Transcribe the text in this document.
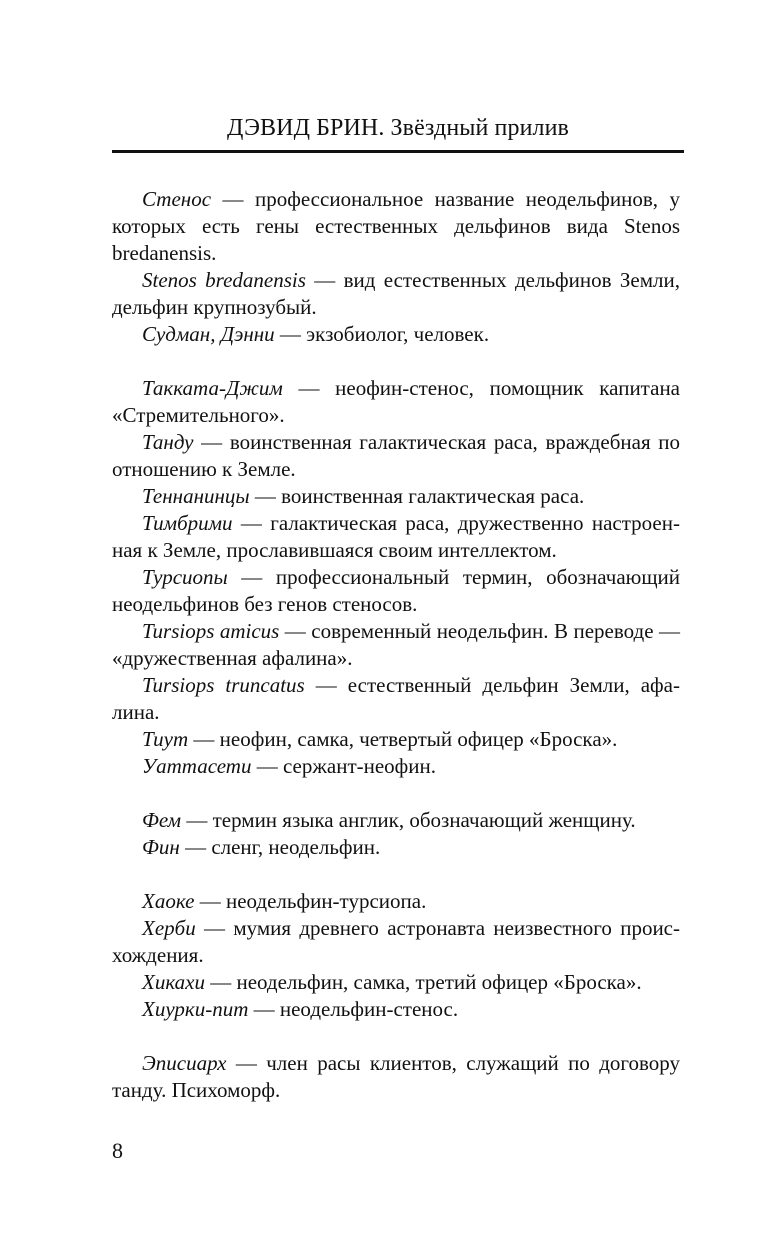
ДЭВИД БРИН. Звёздный прилив

Стенос — профессиональное название неодельфинов, у которых есть гены естественных дельфинов вида Stenos bredanensis.

Stenos bredanensis — вид естественных дельфинов Земли, дельфин крупнозубый.

Судман, Дэнни — экзобиолог, человек.

Такката-Джим — неофин-стенос, помощник капитана «Стремительного».

Танду — воинственная галактическая раса, враждебная по отношению к Земле.

Теннанинцы — воинственная галактическая раса.

Тимбрими — галактическая раса, дружественно настроенная к Земле, прославившаяся своим интеллектом.

Турсиопы — профессиональный термин, обозначающий неодельфинов без генов стеносов.

Tursiops amicus — современный неодельфин. В переводе — «дружественная афалина».

Tursiops truncatus — естественный дельфин Земли, афалина.

Тиут — неофин, самка, четвертый офицер «Броска».

Уаттасети — сержант-неофин.

Фем — термин языка англик, обозначающий женщину.

Фин — сленг, неодельфин.

Хаоке — неодельфин-турсиопа.

Херби — мумия древнего астронавта неизвестного происхождения.

Хикахи — неодельфин, самка, третий офицер «Броска».

Хиурки-пит — неодельфин-стенос.

Эписиарх — член расы клиентов, служащий по договору танду. Психоморф.

8
